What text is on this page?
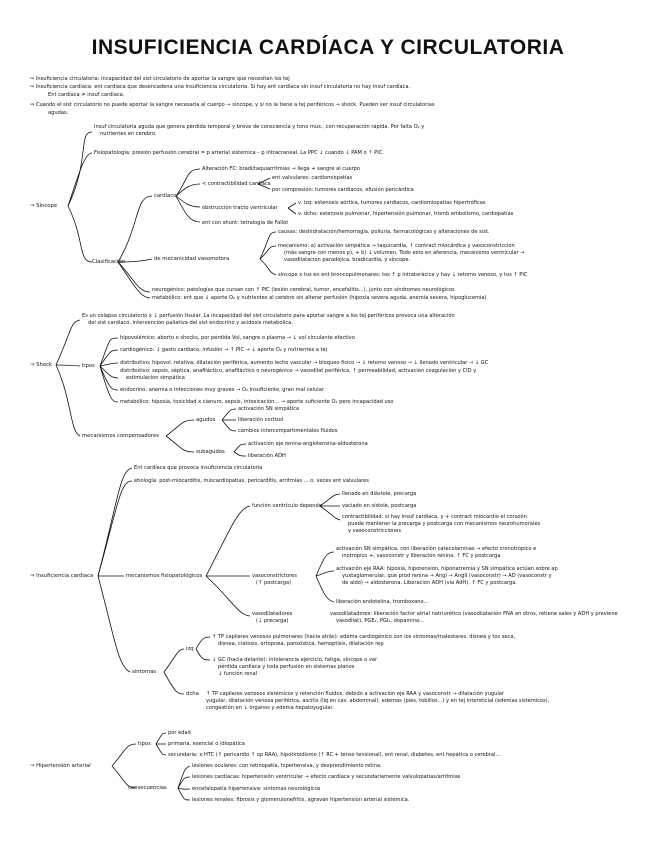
INSUFICIENCIA CARDÍACA Y CIRCULATORIA
⇒ Insuficiencia circulatoria: incapacidad del sist circulatorio de aportar la sangre que necesitan los tej
⇒ Insuficiencia cardíaca: ent cardíaca que desencadena una insuficiencia circulatoria. Si hay ent cardíaca sin insuf circulatoria no hay insuf cardíaca.
Ent cardíaca ≠ insuf cardíaca.
⇒ Cuando el sist circulatorio no puede aportar la sangre necesaria al cuerpo → síncope, y si no la tiene a tej periféricos → shock. Pueden ser insuf circulatorias
agudas.
⇒ Síncope
Insuf circulatoria aguda que genera pérdida temporal y breve de consciencia y tono mus., con recuperación rápida. Por falta O₂ y
nutrientes en cerebro.
Fisiopatología: presión perfusión cerebral = p arterial sistémica – p intracraneal. La PPC ↓ cuando ↓ PAM o ↑ PIC.
Clasificación
cardíaco
Alteración FC: bradi/taquiarritmias → llega + sangre al cuerpo
ent valvulares: cardiomiopatías
< contractibilidad cardíaca
por compresión: tumores cardíacos, efusión pericárdica
obstrucción tracto ventricular
v. izq: estenosis aórtica, tumores cardíacos, cardiomiopatías hipertróficas
v. dcho: estenosis pulmonar, hipertensión pulmonar, tromb embolismo, cardiopatías
ent con shunt: tetralogía de Fallot
de mecanicidad vasomotora
causas: deshidratación/hemorragia, poliuria, farmacológicas y alteraciones de sist.
mecanismo: a) activación simpática → taquicardia, ↑ contract miocárdica y vasoconstricción
(más sangre con menos p), + b) ↓ volumen. Todo esto en aferencia, mecanismo ventricular →
vasodilatación paradójica, bradicardia, y síncope.
síncope x tos en ent broncopulmonares: tos ↑ p intratorácica y hay ↓ retorno venoso, y tos ↑ PIC
neurogénico: patologías que cursan con ↑ PIC (lesión cerebral, tumor, encefalitis...), junto con síndromes neurológicos
metabólico: ent que ↓ aporte O₂ y nutrientes al cerebro sin alterar perfusión (hipoxia severa aguda, anemia severa, hipoglucemia)
⇒ Shock
Es un colapso circulatorio x ↓ perfusión tisular. La incapacidad del sist circulatorio para aportar sangre a los tej periféricos provoca una alteración
del sist cardíaco, intervención paliativa del sist endocrino y acidosis metabólica.
tipos
hipovolémico: aborto o shocks, por pérdida Vol, sangre o plasma → ↓ vol circulante efectivo
cardiogénico: ↓ gasto cardiaco, infusión → ↑ PIC → ↓ aporte O₂ y nutrientes a tej
distributivo: hipovol. relativa, dilatación periférica, aumento lecho vascular → bloqueo físico → ↓ retorno venoso → ↓ llenado ventricular → ↓ GC
distributivo: sepsis, séptica, anafiláctico, anafiláctico o neurogénico → vasodilat periférica, ↑ permeabilidad, activación coagulación y CID y
estimulación simpática
endocrino: anemia o infecciones muy graves → O₂ insuficiente, gran mal celular
metabólico: hipoxia, toxicidad x cianuro, sepsis, intoxicación... → aporte suficiente O₂ pero incapacidad uso
mecanismos compensadores
agudos
activación SN simpática
liberación cortisol
cambios intercompartimentales fluidos
subagudos
activación eje renina-angiotensina-aldosterona
liberación ADH
⇒ Insuficiencia cardiaca
Ent cardíaca que provoca insuficiencia circulatoria
etiología: post-miocarditis, miocardiopatías, pericarditis, arritmias ... o, veces ent valvulares
mecanismos fisiopatológicos
función ventrículo depende
llenado en diástole, precarga
vaciado en sístole, postcarga
contractibilidad: si hay insuf cardíaca, y + contract miocardio el corazón
puede mantener la precarga y postcarga con mecanismos neurohumorales
y vasoconstricciones
vasoconstrictores
(↑ postcarga)
activación SN simpática, con liberación catecolaminas → efecto cronotrópico e
inotrópico +, vasoconstr y liberación renina. ↑ FC y postcarga
activación eje RAA: hipoxia, hipotensión, hiponatremia y SN simpática actúan sobre ap
yuxtaglomerular, que prod renina → AngI → AngII (vasoconstr) → AD (vasoconstr y
de aldo) → aldosterona. Liberación ADH (vía AdH). ↑ FC y postcarga.
liberación endotelina, tromboxano...
vasodilatadores
(↓ precarga)
vasodilatadores: liberación factor atrial natriurético (vasodilatación FNA en otros, retiene sales y ADH y previene
vasodilat), PGE₂, PGI₂, dopamina...
síntomas
izq
↑ TP capilares venosos pulmonares (hacia atrás): edema cardiogénico con los síntomas/malestares, disnea y tos seca,
disnea, ciatosis, ortopnea, paroxística, hemoptisis, dilatación rep
↓ GC (hacia delante): intolerancia ejercicio, fatiga, síncope o ver
pérdida cardíaca y toda perfusión en sistemas planos
↓ función renal
dcha ↑ TP capilares venosos sistémicos y retención fluidos, debido a activación eje RAA y vasoconstr → dilatación yugular
yugular, dilatación venosa periférica, ascitis (liq en cav. abdominal), edemas (pies, tobillos...) y en tej intersticial (edemas sistémicos),
congestión en ↓ órganos y edema hepatoyugular.
⇒ Hipertensión arterial
tipos
por edad
primaria, esencial o idiopática
secundaria: x HTC (↑ pericardio ↑ op RAA), hipotiroidismo (↑ RC + tenso tensional), ent renal, diabetes, ent hepática o cerebral...
consecuencias
lesiones oculares: con retinopatía, hipertensiva, y desprendimiento retina.
lesiones cardíacas: hipertensión ventricular → efecto cardíaca y secundariamente valvulopatías/arritmias
encefalopatía hipertensiva: síntomas neurológicos
lesiones renales: fibrosis y glomerulonefritis, agravan hipertensión arterial sistémica.
